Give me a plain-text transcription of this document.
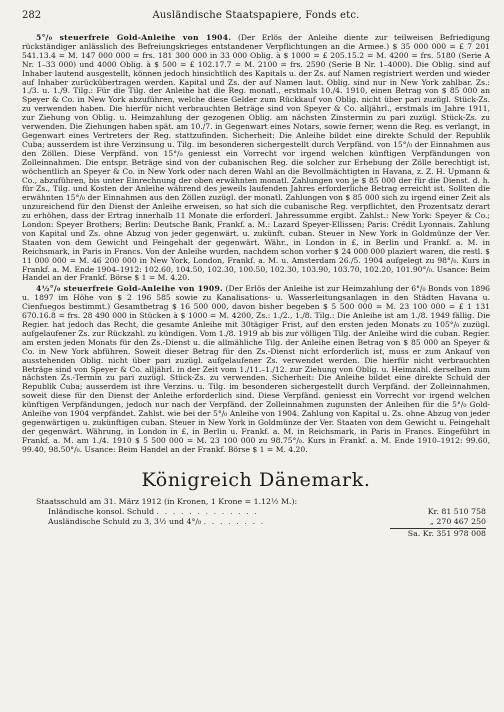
282	Ausländische Staatspapiere, Fonds etc.

5°/₀ steuerfreie Gold-Anleihe von 1904. (Der Erlös der Anleihe diente zur teilweisen Befriedigung rückständiger anlässlich des Befreiungskrieges entstandener Verpflichtungen an die Armee.) $ 35 000 000 = £ 7 201 541.13.4 = M. 147 000 000 = frs. 181 300 000 in 33 000 Oblig. à $ 1000 = £ 205.15.2 = M. 4200 = frs. 5180 (Serie A Nr. 1–33 000) und 4000 Oblig. à $ 500 = £ 102.17.7 = M. 2100 = frs. 2590 (Serie B Nr. 1–4000). Die Oblig. sind auf Inhaber lautend ausgestellt, können jedoch hinsichtlich des Kapitals u. der Zs. auf Namen registriert werden und wieder auf Inhaber zurückübertragen werden. Kapital und Zs. der auf Namen laut. Oblig. sind nur in New York zahlbar. Zs.: 1./3. u. 1./9. Tilg.: Für die Tilg. der Anleihe hat die Reg. monatl., erstmals 10./4. 1910, einen Betrag von $ 85 000 an Speyer & Co. in New York abzuführen, welche diese Gelder zum Rückkauf von Oblig. nicht über pari zuzügl. Stück-Zs. zu verwenden haben. Die hierfür nicht verbrauchten Beträge sind von Speyer & Co. alljährl., erstmals im Jahre 1911, zur Ziehung von Oblig. u. Heimzahlung der gezogenen Oblig. am nächsten Zinstermin zu pari zuzügl. Stück-Zs. zu verwenden. Die Ziehungen haben spät. am 10./7. in Gegenwart eines Notars, sowie ferner, wenn die Reg. es verlangt, in Gegenwart eines Vertreters der Reg. stattzufinden. Sicherheit: Die Anleihe bildet eine direkte Schuld der Republik Cuba; ausserdem ist ihre Verzinsung u. Tilg. im besonderen sichergestellt durch Verpfänd. von 15°/₀ der Einnahmen aus den Zöllen. Diese Verpfänd. von 15°/₀ geniesst ein Vorrecht vor irgend welchen künftigen Verpfändungen von Zolleinnahmen. Die entspr. Beträge sind von der cubanischen Reg. die solcher zur Erhebung der Zölle berechtigt ist, wöchentlich an Speyer & Co. in New York oder nach deren Wahl an die Bevollmächtigten in Havana, z. Z. H. Upmann & Co., abzuführen, bis unter Einrechnung der oben erwähnten monatl. Zahlungen von je $ 85 000 der für die Dienst. d. h. für Zs., Tilg. und Kosten der Anleihe während des jeweils laufenden Jahres erforderliche Betrag erreicht ist. Sollten die erwähnten 15°/₀ der Einnahmen aus den Zöllen zuzügl. der monatl. Zahlungen von $ 85 000 sich zu irgend einer Zeit als unzureichend für den Dienst der Anleihe erweisen, so hat sich die cubanische Reg. verpflichtet, den Prozentsatz derart zu erhöhen, dass der Ertrag innerhalb 11 Monate die erforderl. Jahressumme ergibt. Zahlst.: New York: Speyer & Co.; London: Speyer Brothers; Berlin: Deutsche Bank, Frankf. a. M.: Lazard Speyer-Ellissen; Paris: Crédit Lyonnais. Zahlung von Kapital und Zs. ohne Abzug von jeder gegenwärt. u. zukünft. cuban. Steuer in New York in Goldmünze der Ver. Staaten von dem Gewicht und Feingehalt der gegenwärt. Währ., in London in £, in Berlin und Frankf. a. M. in Reichsmark, in Paris in Francs. Von der Anleihe wurden, nachdem schon vorher $ 24 000 000 plaziert waren, die restl. $ 11 000 000 = M. 46 200 000 in New York, London, Frankf. a. M. u. Amsterdam 26./5. 1904 aufgelegt zu 98°/₀. Kurs in Frankf. a. M. Ende 1904–1912: 102.60, 104.50, 102.30, 100.50, 102.30, 103.90, 103.70, 102.20, 101.90°/₀. Usance: Beim Handel an der Frankf. Börse $ 1 = M. 4.20.

4½°/₀ steuerfreie Gold-Anleihe von 1909. (Der Erlös der Anleihe ist zur Heimzahlung der 6°/₀ Bonds von 1896 u. 1897 im Höhe von $ 2 196 585 sowie zu Kanalisations- u. Wasserleitungsanlagen in den Städten Havana u. Cienfuegos bestimmt.) Gesamtbetrag $ 16 500 000, davon bisher begeben $ 5 500 000 = M. 23 100 000 = £ 1 131 670.16.8 = frs. 28 490 000 in Stücken à $ 1000 = M. 4200, Zs.: 1./2., 1./8. Tilg.: Die Anleihe ist am 1./8. 1949 fällig. Die Regier. hat jedoch das Recht, die gesamte Anleihe mit 30tägiger Frist, auf den ersten jeden Monats zu 105°/₀ zuzügl. aufgelaufener Zs. zur Rückzahl. zu kündigen. Vom 1./8. 1919 ab bis zur völligen Tilg. der Anleihe wird die cuban. Regier. am ersten jeden Monats für den Zs.-Dienst u. die allmähliche Tilg. der Anleihe einen Betrag von $ 85 000 an Speyer & Co. in New York abführen. Soweit dieser Betrag für den Zs.-Dienst nicht erforderlich ist, muss er zum Ankauf von ausstehenden Oblig. nicht über pari zuzügl. aufgelaufener Zs. verwendet werden. Die hierfür nicht verbrauchten Beträge sind von Speyer & Co. alljährl. in der Zeit vom 1./11.–1./12. zur Ziehung von Oblig. u. Heimzahl. derselben zum nächsten Zs.-Termin zu pari zuzügl. Stück-Zs. zu verwenden. Sicherheit: Die Anleihe bildet eine direkte Schuld der Republik Cuba; ausserdem ist ihre Verzins. u. Tilg. im besonderen sichergestellt durch Verpfänd. der Zolleinnahmen, soweit diese für den Dienst der Anleihe erforderlich sind. Diese Verpfänd. geniesst ein Vorrecht vor irgend welchen künftigen Verpfändungen, jedoch nur nach der Verpfänd. der Zolleinnahmen zugunsten der Anleihen für die 5°/₀ Gold-Anleihe von 1904 verpfändet. Zahlst. wie bei der 5°/₀ Anleihe von 1904. Zahlung von Kapital u. Zs. ohne Abzug von jeder gegenwärtigen u. zukünftigen cuban. Steuer in New York in Goldmünze der Ver. Staaten von dem Gewicht u. Feingehalt der gegenwärt. Währung, in London in £, in Berlin u. Frankf. a. M. in Reichsmark, in Paris in Francs. Eingeführt in Frankf. a. M. am 1./4. 1910 $ 5 500 000 = M. 23 100 000 zu 98.75°/₀. Kurs in Frankf. a. M. Ende 1910–1912: 99.60, 99.40, 98.50°/₀. Usance: Beim Handel an der Frankf. Börse $ 1 = M. 4.20.

Königreich Dänemark.
Staatsschuld am 31. März 1912 (in Kronen, 1 Krone = 1.12½ M.):
Inländische konsol. Schuld . . . . . . . . . . . . .	Kr. 81 510 758
Ausländische Schuld zu 3, 3½ und 4°/₀ . . . . . . . .	„ 270 467 250
Sa. Kr. 351 978 008
